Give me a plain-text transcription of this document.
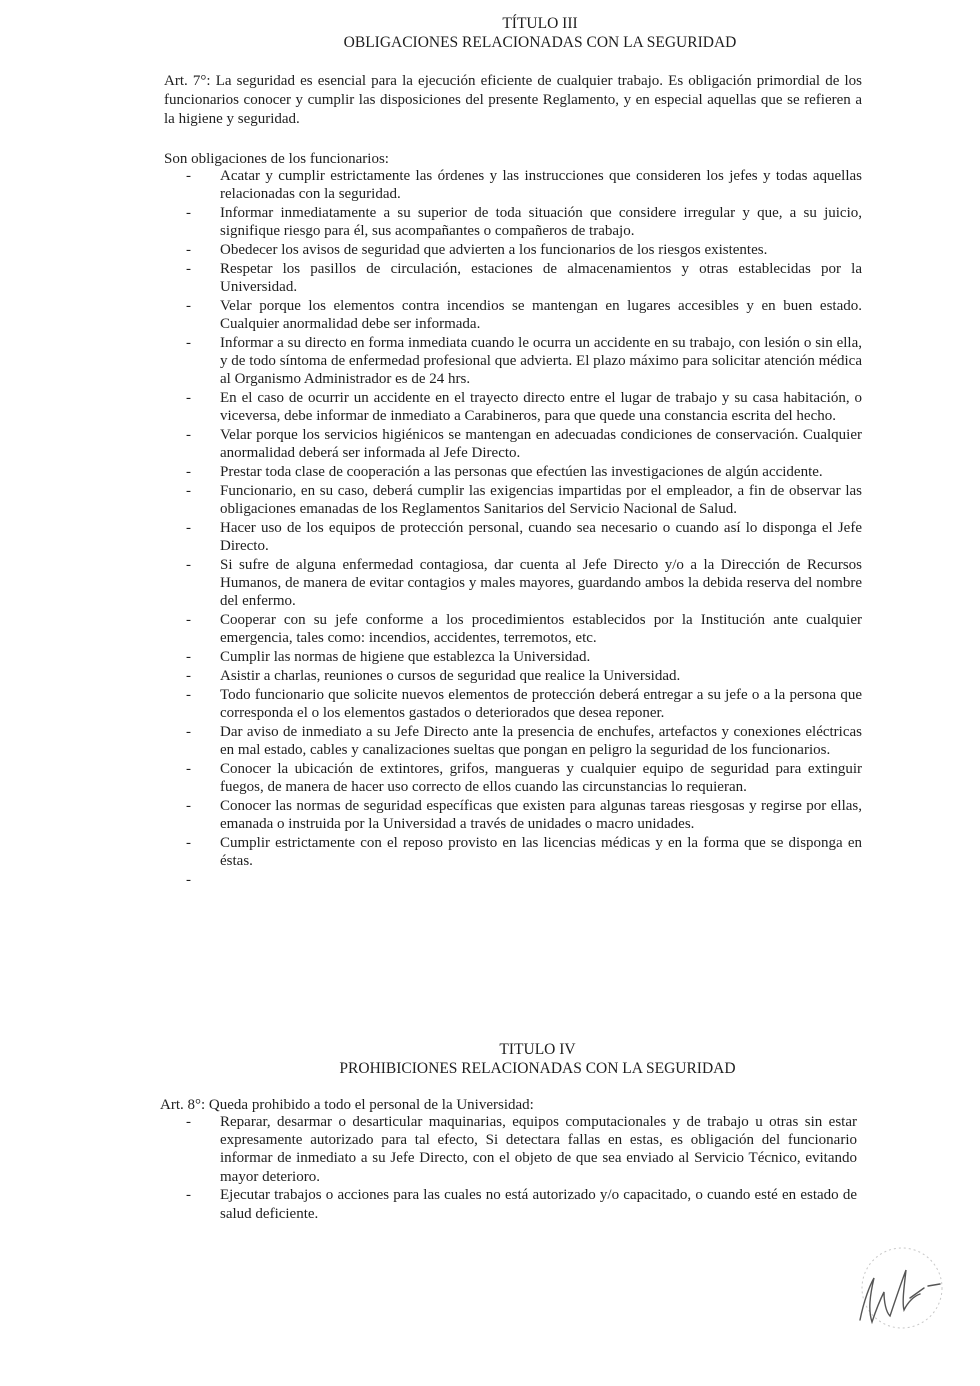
TÍTULO III
OBLIGACIONES RELACIONADAS CON LA SEGURIDAD
Art. 7°: La seguridad es esencial para la ejecución eficiente de cualquier trabajo. Es obligación primordial de los funcionarios conocer y cumplir las disposiciones del presente Reglamento, y en especial aquellas que se refieren a la higiene y seguridad.
Son obligaciones de los funcionarios:
- Acatar y cumplir estrictamente las órdenes y las instrucciones que consideren los jefes y todas aquellas relacionadas con la seguridad.
- Informar inmediatamente a su superior de toda situación que considere irregular y que, a su juicio, signifique riesgo para él, sus acompañantes o compañeros de trabajo.
- Obedecer los avisos de seguridad que advierten a los funcionarios de los riesgos existentes.
- Respetar los pasillos de circulación, estaciones de almacenamientos y otras establecidas por la Universidad.
- Velar porque los elementos contra incendios se mantengan en lugares accesibles y en buen estado. Cualquier anormalidad debe ser informada.
- Informar a su directo en forma inmediata cuando le ocurra un accidente en su trabajo, con lesión o sin ella, y de todo síntoma de enfermedad profesional que advierta. El plazo máximo para solicitar atención médica al Organismo Administrador es de 24 hrs.
- En el caso de ocurrir un accidente en el trayecto directo entre el lugar de trabajo y su casa habitación, o viceversa, debe informar de inmediato a Carabineros, para que quede una constancia escrita del hecho.
- Velar porque los servicios higiénicos se mantengan en adecuadas condiciones de conservación. Cualquier anormalidad deberá ser informada al Jefe Directo.
- Prestar toda clase de cooperación a las personas que efectúen las investigaciones de algún accidente.
- Funcionario, en su caso, deberá cumplir las exigencias impartidas por el empleador, a fin de observar las obligaciones emanadas de los Reglamentos Sanitarios del Servicio Nacional de Salud.
- Hacer uso de los equipos de protección personal, cuando sea necesario o cuando así lo disponga el Jefe Directo.
- Si sufre de alguna enfermedad contagiosa, dar cuenta al Jefe Directo y/o a la Dirección de Recursos Humanos, de manera de evitar contagios y males mayores, guardando ambos la debida reserva del nombre del enfermo.
- Cooperar con su jefe conforme a los procedimientos establecidos por la Institución ante cualquier emergencia, tales como: incendios, accidentes, terremotos, etc.
- Cumplir las normas de higiene que establezca la Universidad.
- Asistir a charlas, reuniones o cursos de seguridad que realice la Universidad.
- Todo funcionario que solicite nuevos elementos de protección deberá entregar a su jefe o a la persona que corresponda el o los elementos gastados o deteriorados que desea reponer.
- Dar aviso de inmediato a su Jefe Directo ante la presencia de enchufes, artefactos y conexiones eléctricas en mal estado, cables y canalizaciones sueltas que pongan en peligro la seguridad de los funcionarios.
- Conocer la ubicación de extintores, grifos, mangueras y cualquier equipo de seguridad para extinguir fuegos, de manera de hacer uso correcto de ellos cuando las circunstancias lo requieran.
- Conocer las normas de seguridad específicas que existen para algunas tareas riesgosas y regirse por ellas, emanada o instruida por la Universidad a través de unidades o macro unidades.
- Cumplir estrictamente con el reposo provisto en las licencias médicas y en la forma que se disponga en éstas.
-
TITULO IV
PROHIBICIONES RELACIONADAS CON LA SEGURIDAD
Art. 8°: Queda prohibido a todo el personal de la Universidad:
- Reparar, desarmar o desarticular maquinarias, equipos computacionales y de trabajo u otras sin estar expresamente autorizado para tal efecto, Si detectara fallas en estas, es obligación del funcionario informar de inmediato a su Jefe Directo, con el objeto de que sea enviado al Servicio Técnico, evitando mayor deterioro.
- Ejecutar trabajos o acciones para las cuales no está autorizado y/o capacitado, o cuando esté en estado de salud deficiente.
